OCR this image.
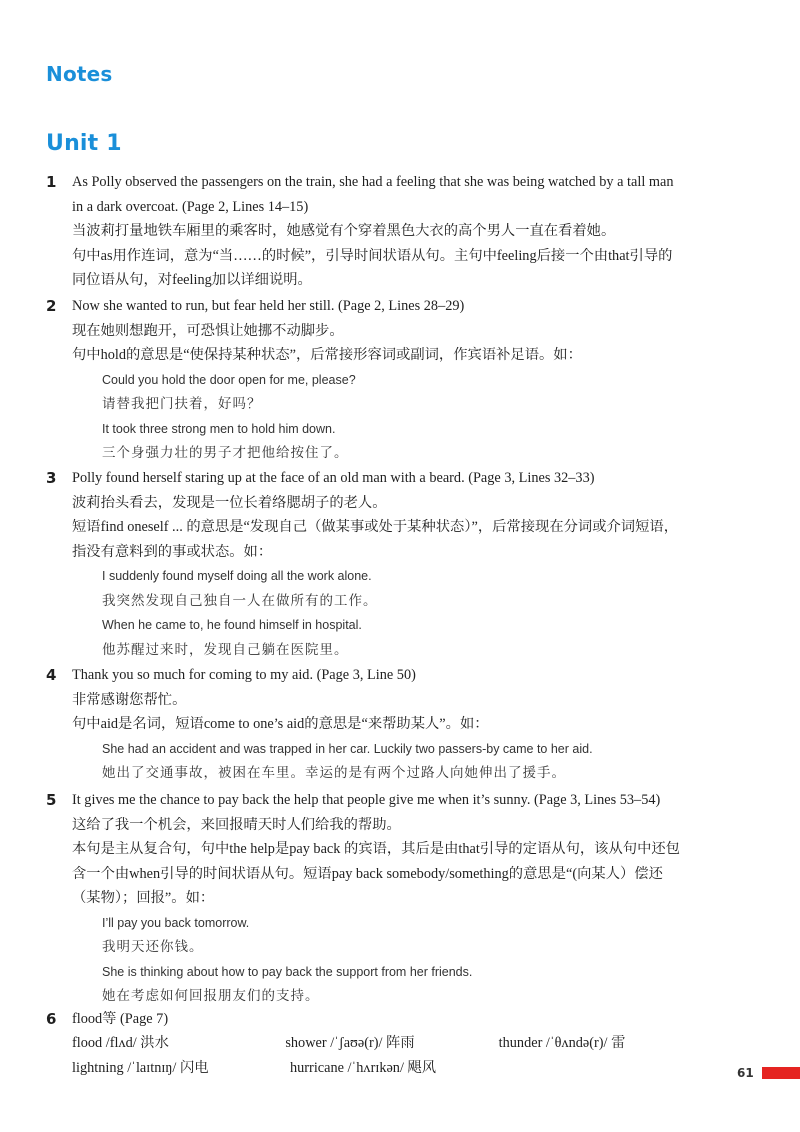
Notes
Unit 1
1	As Polly observed the passengers on the train, she had a feeling that she was being watched by a tall man
in a dark overcoat. (Page 2, Lines 14–15)
当波莉打量地铁车厢里的乘客时，她感觉有个穿着黑色大衣的高个男人一直在看着她。
句中as用作连词，意为“当……的时候”，引导时间状语从句。主句中feeling后接一个由that引导的
同位语从句，对feeling加以详细说明。
2	Now she wanted to run, but fear held her still. (Page 2, Lines 28–29)
现在她则想跑开，可恐惧让她挪不动脚步。
句中hold的意思是“使保持某种状态”，后常接形容词或副词，作宾语补足语。如：
Could you hold the door open for me, please?
请替我把门扶着，好吗？
It took three strong men to hold him down.
三个身强力壮的男子才把他给按住了。
3	Polly found herself staring up at the face of an old man with a beard. (Page 3, Lines 32–33)
波莉抬头看去，发现是一位长着络腮胡子的老人。
短语find oneself ... 的意思是“发现自己（做某事或处于某种状态）”，后常接现在分词或介词短语，
指没有意料到的事或状态。如：
I suddenly found myself doing all the work alone.
我突然发现自己独自一人在做所有的工作。
When he came to, he found himself in hospital.
他苏醒过来时，发现自己躺在医院里。
4	Thank you so much for coming to my aid. (Page 3, Line 50)
非常感谢您帮忙。
句中aid是名词，短语come to one’s aid的意思是“来帮助某人”。如：
She had an accident and was trapped in her car. Luckily two passers-by came to her aid.
她出了交通事故，被困在车里。幸运的是有两个过路人向她伸出了援手。
5	It gives me the chance to pay back the help that people give me when it’s sunny. (Page 3, Lines 53–54)
这给了我一个机会，来回报晴天时人们给我的帮助。
本句是主从复合句，句中the help是pay back 的宾语，其后是由that引导的定语从句，该从句中还包
含一个由when引导的时间状语从句。短语pay back somebody/something的意思是“(向某人）偿还
（某物）；回报”。如：
I’ll pay you back tomorrow.
我明天还你钱。
She is thinking about how to pay back the support from her friends.
她在考虑如何回报朋友们的支持。
6	flood等 (Page 7)
flood /flʌd/ 洪水	shower /ˈʃaʊə(r)/ 阵雨	thunder /ˈθʌndə(r)/ 雷
lightning /ˈlaɪtnɪŋ/ 闪电	hurricane /ˈhʌrɪkən/ 飓风	61
